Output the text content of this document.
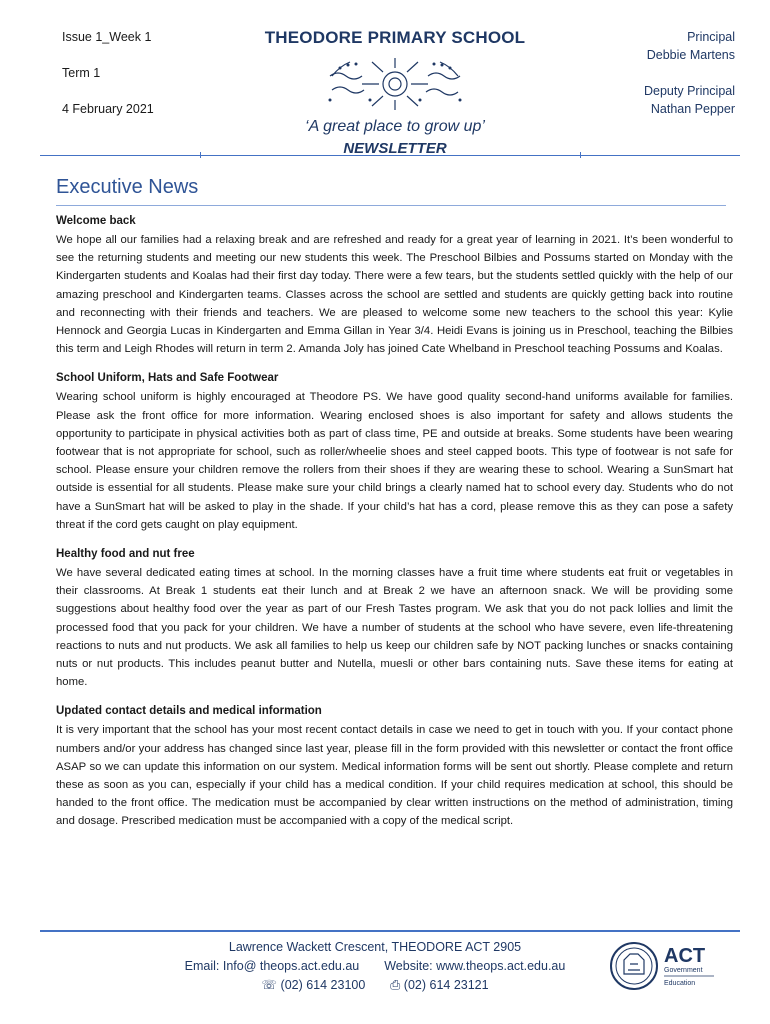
Issue 1_Week 1
Term 1
4 February 2021
THEODORE PRIMARY SCHOOL
‘A great place to grow up’
NEWSLETTER
Principal
Debbie Martens
Deputy Principal
Nathan Pepper
Executive News
Welcome back

We hope all our families had a relaxing break and are refreshed and ready for a great year of learning in 2021. It’s been wonderful to see the returning students and meeting our new students this week. The Preschool Bilbies and Possums started on Monday with the Kindergarten students and Koalas had their first day today. There were a few tears, but the students settled quickly with the help of our amazing preschool and Kindergarten teams. Classes across the school are settled and students are quickly getting back into routine and reconnecting with their friends and teachers. We are pleased to welcome some new teachers to the school this year: Kylie Hennock and Georgia Lucas in Kindergarten and Emma Gillan in Year 3/4. Heidi Evans is joining us in Preschool, teaching the Bilbies this term and Leigh Rhodes will return in term 2. Amanda Joly has joined Cate Whelband in Preschool teaching Possums and Koalas.

School Uniform, Hats and Safe Footwear

Wearing school uniform is highly encouraged at Theodore PS. We have good quality second-hand uniforms available for families. Please ask the front office for more information. Wearing enclosed shoes is also important for safety and allows students the opportunity to participate in physical activities both as part of class time, PE and outside at breaks. Some students have been wearing footwear that is not appropriate for school, such as roller/wheelie shoes and steel capped boots. This type of footwear is not safe for school. Please ensure your children remove the rollers from their shoes if they are wearing these to school. Wearing a SunSmart hat outside is essential for all students. Please make sure your child brings a clearly named hat to school every day. Students who do not have a SunSmart hat will be asked to play in the shade. If your child’s hat has a cord, please remove this as they can pose a safety threat if the cord gets caught on play equipment.

Healthy food and nut free

We have several dedicated eating times at school. In the morning classes have a fruit time where students eat fruit or vegetables in their classrooms. At Break 1 students eat their lunch and at Break 2 we have an afternoon snack. We will be providing some suggestions about healthy food over the year as part of our Fresh Tastes program. We ask that you do not pack lollies and limit the processed food that you pack for your children. We have a number of students at the school who have severe, even life-threatening reactions to nuts and nut products. We ask all families to help us keep our children safe by NOT packing lunches or snacks containing nuts or nut products. This includes peanut butter and Nutella, muesli or other bars containing nuts. Save these items for eating at home.

Updated contact details and medical information

It is very important that the school has your most recent contact details in case we need to get in touch with you. If your contact phone numbers and/or your address has changed since last year, please fill in the form provided with this newsletter or contact the front office ASAP so we can update this information on our system. Medical information forms will be sent out shortly. Please complete and return these as soon as you can, especially if your child has a medical condition. If your child requires medication at school, this should be handed to the front office. The medication must be accompanied by clear written instructions on the method of administration, timing and dosage. Prescribed medication must be accompanied with a copy of the medical script.

Lawrence Wackett Crescent, THEODORE ACT 2905
Email: Info@ theops.act.edu.au Website: www.theops.act.edu.au
☏ (02) 614 23100 ⎙ (02) 614 23121
ACT
Government
Education
